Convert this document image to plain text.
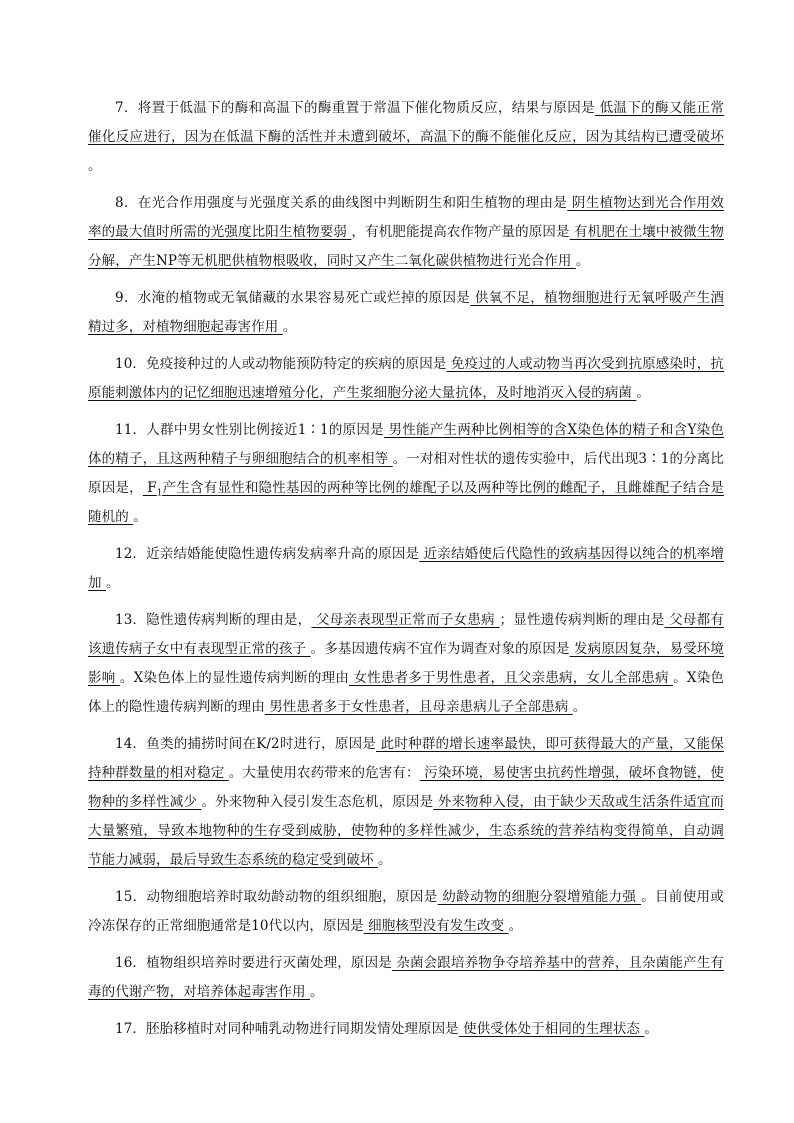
7．将置于低温下的酶和高温下的酶重置于常温下催化物质反应，结果与原因是 低温下的酶又能正常催化反应进行，因为在低温下酶的活性并未遭到破坏，高温下的酶不能催化反应，因为其结构已遭受破坏 。

8．在光合作用强度与光强度关系的曲线图中判断阴生和阳生植物的理由是 阴生植物达到光合作用效率的最大值时所需的光强度比阳生植物要弱 ，有机肥能提高农作物产量的原因是 有机肥在土壤中被微生物分解，产生NP等无机肥供植物根吸收，同时又产生二氧化碳供植物进行光合作用 。

9．水淹的植物或无氧储藏的水果容易死亡或烂掉的原因是 供氧不足，植物细胞进行无氧呼吸产生酒精过多，对植物细胞起毒害作用 。

10．免疫接种过的人或动物能预防特定的疾病的原因是 免疫过的人或动物当再次受到抗原感染时，抗原能刺激体内的记忆细胞迅速增殖分化，产生浆细胞分泌大量抗体，及时地消灭入侵的病菌 。

11．人群中男女性别比例接近1∶1的原因是 男性能产生两种比例相等的含X染色体的精子和含Y染色体的精子，且这两种精子与卵细胞结合的机率相等 。一对相对性状的遗传实验中，后代出现3∶1的分离比原因是， $F_1$产生含有显性和隐性基因的两种等比例的雄配子以及两种等比例的雌配子，且雌雄配子结合是随机的 。

12．近亲结婚能使隐性遗传病发病率升高的原因是 近亲结婚使后代隐性的致病基因得以纯合的机率增加 。

13．隐性遗传病判断的理由是， 父母亲表现型正常而子女患病 ；显性遗传病判断的理由是 父母都有该遗传病子女中有表现型正常的孩子 。多基因遗传病不宜作为调查对象的原因是 发病原因复杂，易受环境影响 。X染色体上的显性遗传病判断的理由 女性患者多于男性患者，且父亲患病，女儿全部患病 。X染色体上的隐性遗传病判断的理由 男性患者多于女性患者，且母亲患病儿子全部患病 。

14．鱼类的捕捞时间在K/2时进行，原因是 此时种群的增长速率最快，即可获得最大的产量，又能保持种群数量的相对稳定 。大量使用农药带来的危害有： 污染环境，易使害虫抗药性增强，破坏食物链，使物种的多样性减少 。外来物种入侵引发生态危机，原因是 外来物种入侵，由于缺少天敌或生活条件适宜而大量繁殖，导致本地物种的生存受到威胁，使物种的多样性减少，生态系统的营养结构变得简单，自动调节能力减弱，最后导致生态系统的稳定受到破坏 。

15．动物细胞培养时取幼龄动物的组织细胞，原因是 幼龄动物的细胞分裂增殖能力强 。目前使用或冷冻保存的正常细胞通常是10代以内，原因是 细胞核型没有发生改变 。

16．植物组织培养时要进行灭菌处理，原因是 杂菌会跟培养物争夺培养基中的营养，且杂菌能产生有毒的代谢产物，对培养体起毒害作用 。

17．胚胎移植时对同种哺乳动物进行同期发情处理原因是 使供受体处于相同的生理状态 。
